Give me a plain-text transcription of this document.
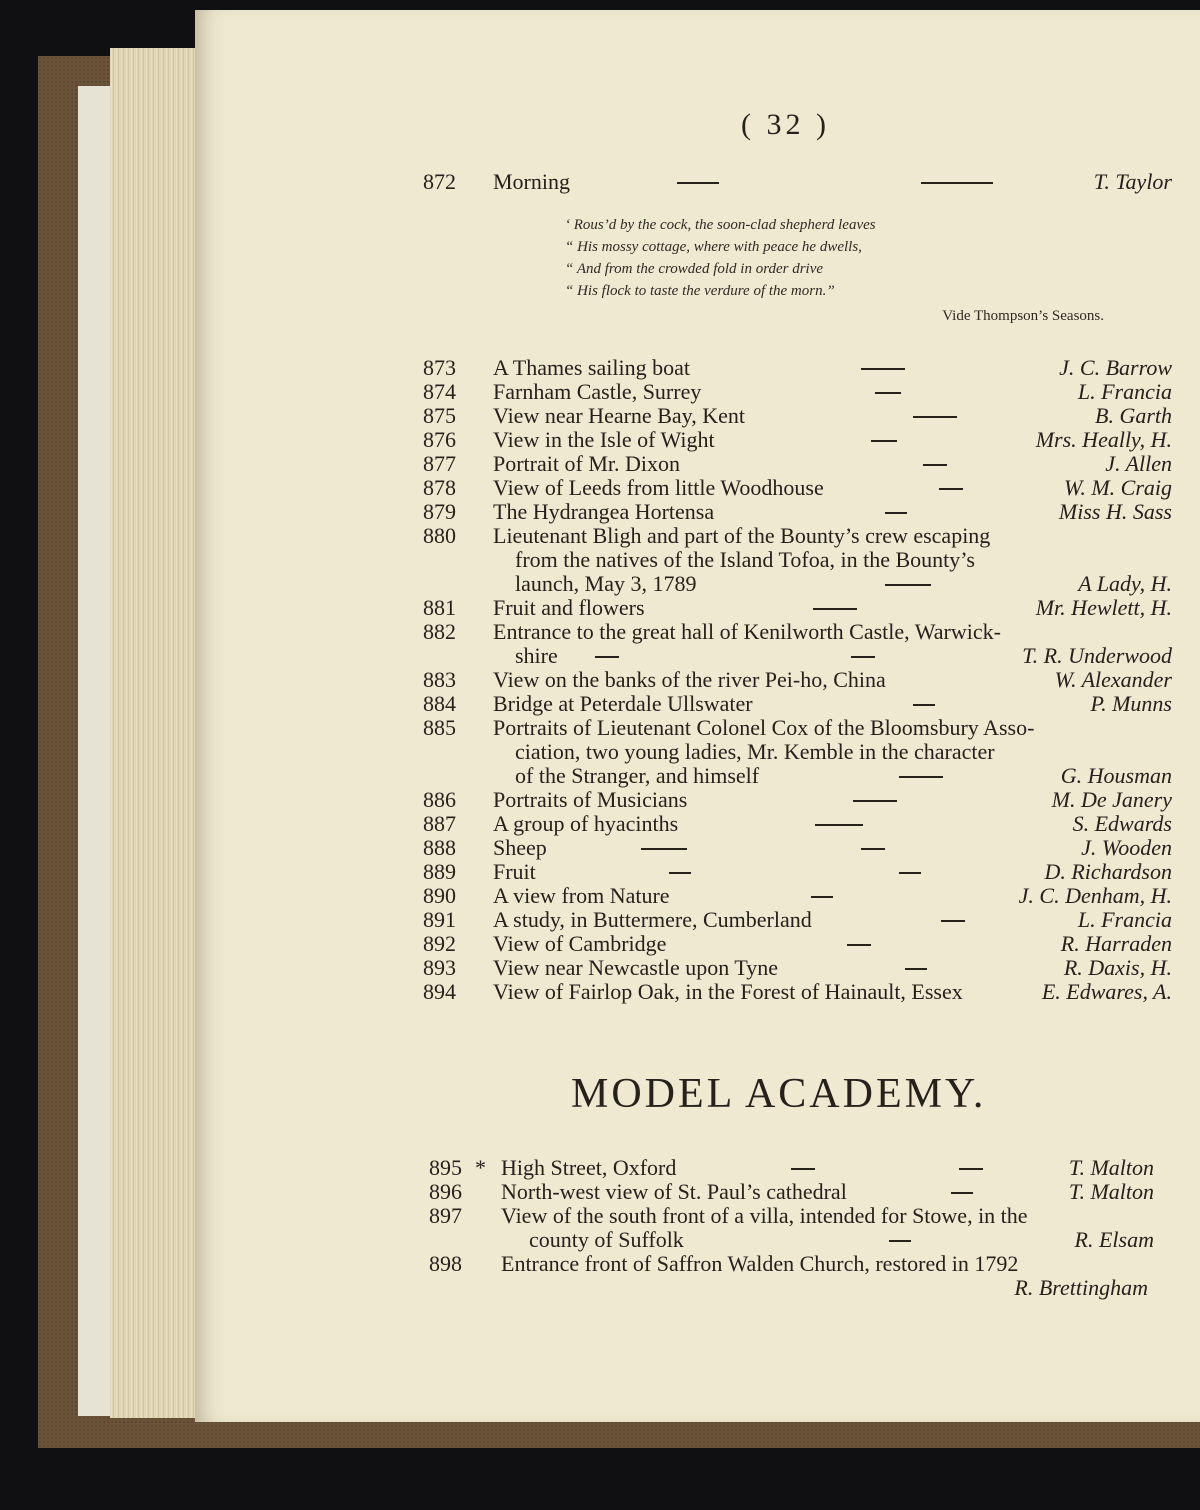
( 32 )
872 Morning	T. Taylor
‘ Rous’d by the cock, the soon-clad shepherd leaves
“ His mossy cottage, where with peace he dwells,
“ And from the crowded fold in order drive
“ His flock to taste the verdure of the morn.”
Vide Thompson’s Seasons.
873 A Thames sailing boat	J. C. Barrow
874 Farnham Castle, Surrey	L. Francia
875 View near Hearne Bay, Kent	B. Garth
876 View in the Isle of Wight	Mrs. Heally, H.
877 Portrait of Mr. Dixon	J. Allen
878 View of Leeds from little Woodhouse	W. M. Craig
879 The Hydrangea Hortensa	Miss H. Sass
880 Lieutenant Bligh and part of the Bounty’s crew escaping
from the natives of the Island Tofoa, in the Bounty’s
launch, May 3, 1789	A Lady, H.
881 Fruit and flowers	Mr. Hewlett, H.
882 Entrance to the great hall of Kenilworth Castle, Warwick-
shire	T. R. Underwood
883 View on the banks of the river Pei-ho, China	W. Alexander
884 Bridge at Peterdale Ullswater	P. Munns
885 Portraits of Lieutenant Colonel Cox of the Bloomsbury Asso-
ciation, two young ladies, Mr. Kemble in the character
of the Stranger, and himself	G. Housman
886 Portraits of Musicians	M. De Janery
887 A group of hyacinths	S. Edwards
888 Sheep	J. Wooden
889 Fruit	D. Richardson
890 A view from Nature	J. C. Denham, H.
891 A study, in Buttermere, Cumberland	L. Francia
892 View of Cambridge	R. Harraden
893 View near Newcastle upon Tyne	R. Daxis, H.
894 View of Fairlop Oak, in the Forest of Hainault, Essex	E. Edwares, A.
MODEL ACADEMY.
895 * High Street, Oxford	T. Malton
896 North-west view of St. Paul’s cathedral	T. Malton
897 View of the south front of a villa, intended for Stowe, in the
county of Suffolk	R. Elsam
898 Entrance front of Saffron Walden Church, restored in 1792
R. Brettingham
